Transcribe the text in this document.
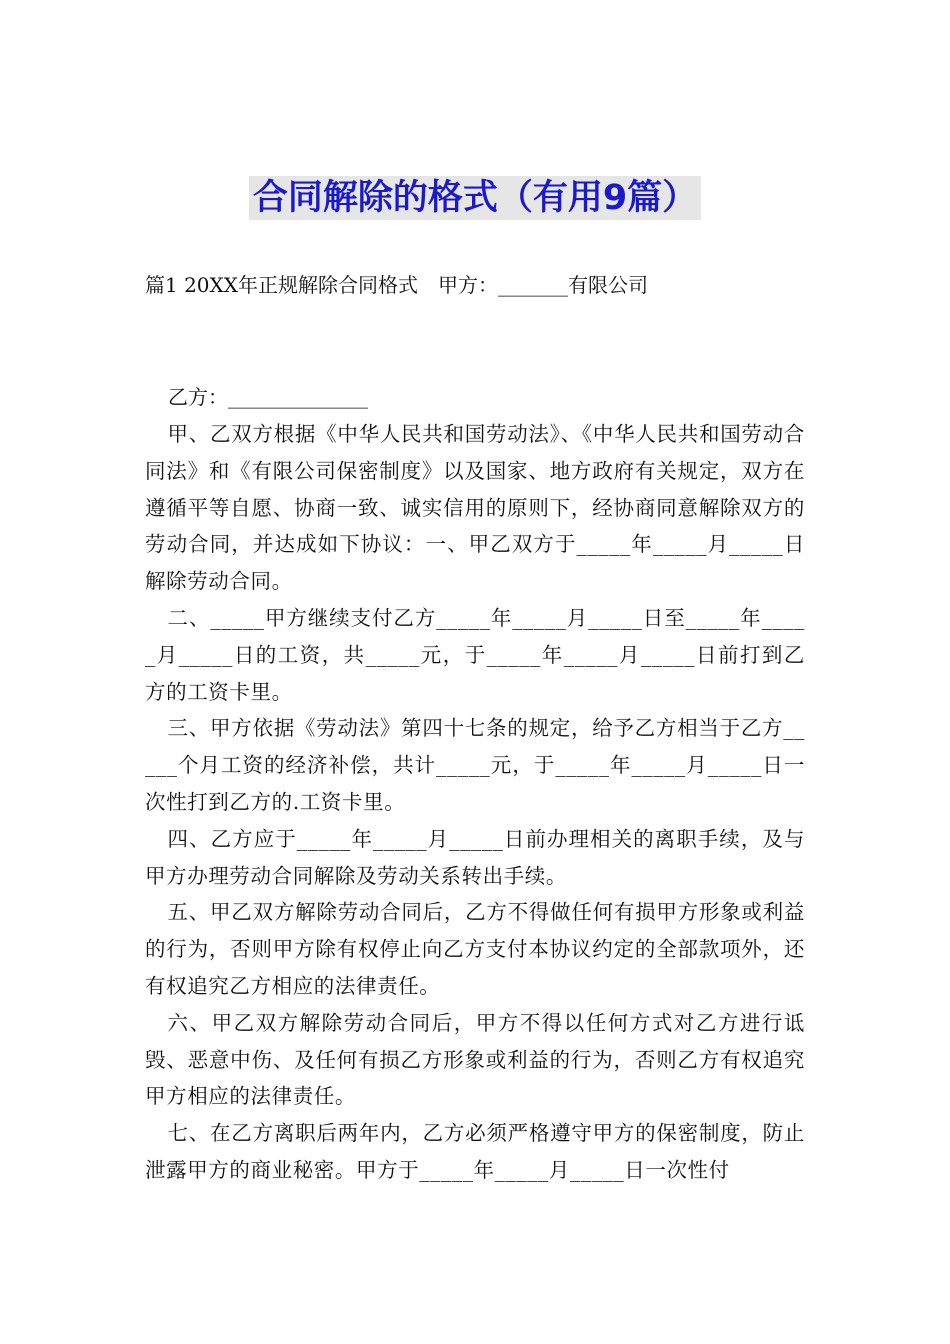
合同解除的格式（有用9篇）
篇1 20XX年正规解除合同格式　甲方：_______有限公司
乙方：______________

甲、乙双方根据《中华人民共和国劳动法》、《中华人民共和国劳动合同法》和《有限公司保密制度》以及国家、地方政府有关规定，双方在遵循平等自愿、协商一致、诚实信用的原则下，经协商同意解除双方的劳动合同，并达成如下协议：一、甲乙双方于_____年_____月_____日解除劳动合同。

二、_____甲方继续支付乙方_____年_____月_____日至_____年_____月_____日的工资，共_____元，于_____年_____月_____日前打到乙方的工资卡里。

三、甲方依据《劳动法》第四十七条的规定，给予乙方相当于乙方_____个月工资的经济补偿，共计_____元，于_____年_____月_____日一次性打到乙方的.工资卡里。

四、乙方应于_____年_____月_____日前办理相关的离职手续，及与甲方办理劳动合同解除及劳动关系转出手续。

五、甲乙双方解除劳动合同后，乙方不得做任何有损甲方形象或利益的行为，否则甲方除有权停止向乙方支付本协议约定的全部款项外，还有权追究乙方相应的法律责任。

六、甲乙双方解除劳动合同后，甲方不得以任何方式对乙方进行诋毁、恶意中伤、及任何有损乙方形象或利益的行为，否则乙方有权追究甲方相应的法律责任。

七、在乙方离职后两年内，乙方必须严格遵守甲方的保密制度，防止泄露甲方的商业秘密。甲方于_____年_____月_____日一次性付
